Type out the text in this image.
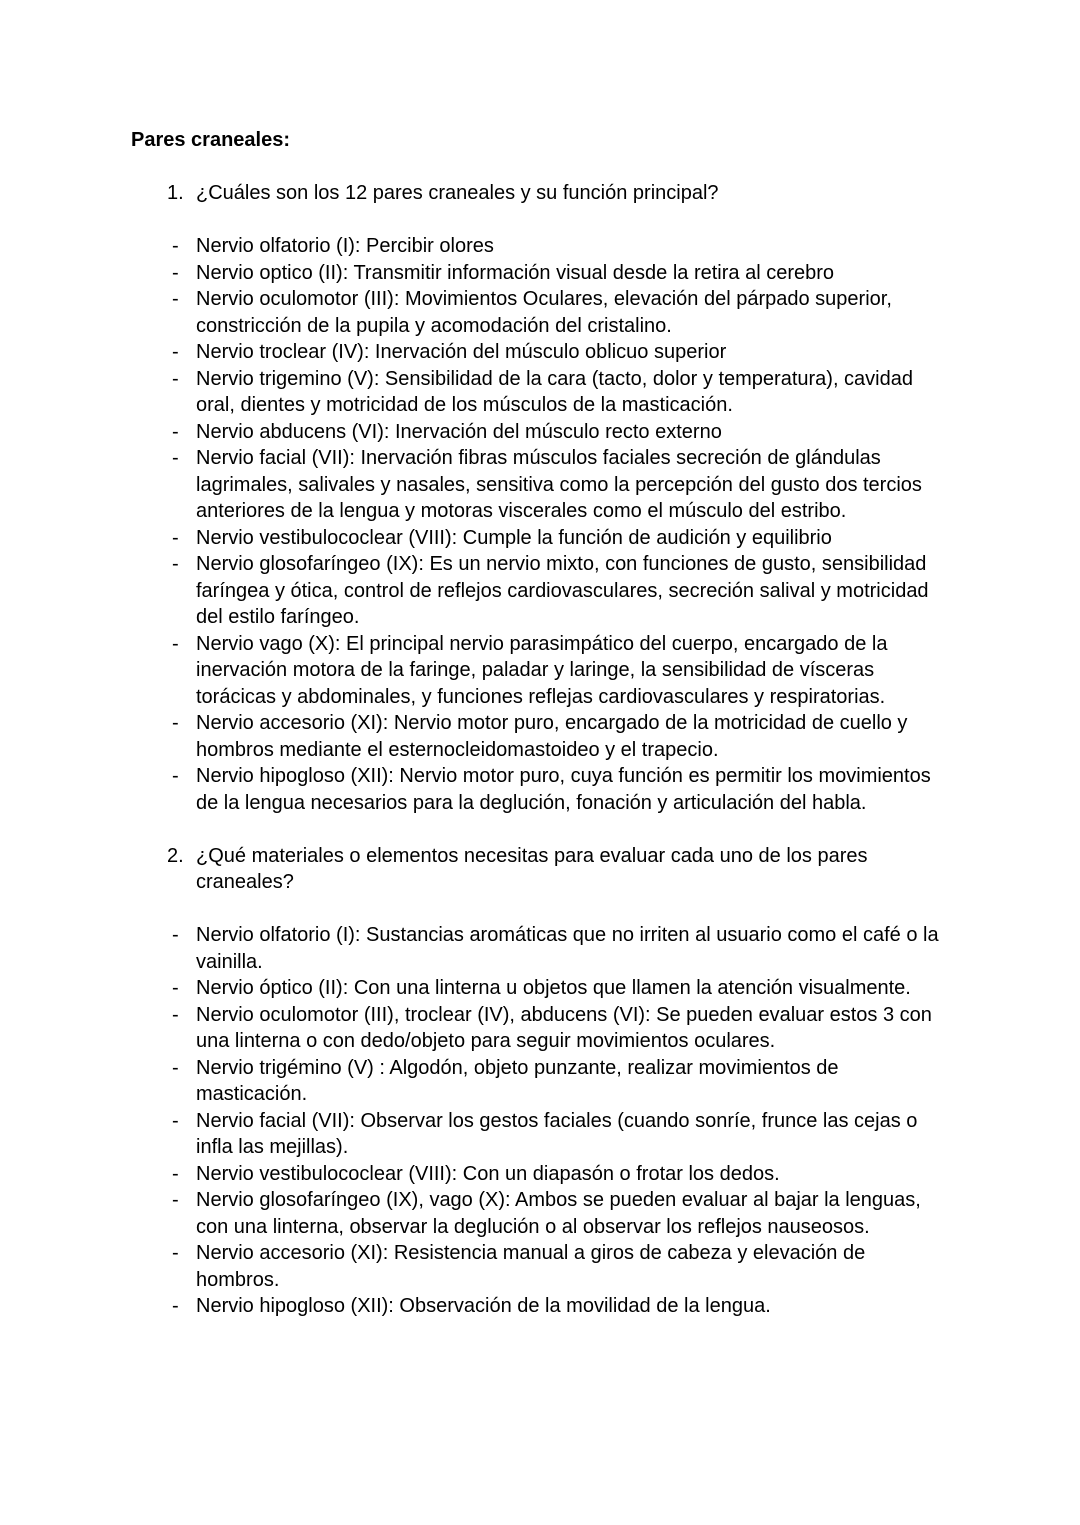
Pares craneales:
1. ¿Cuáles son los 12 pares craneales y su función principal?
- Nervio olfatorio (I): Percibir olores
- Nervio optico (II): Transmitir información visual desde la retira al cerebro
- Nervio oculomotor (III): Movimientos Oculares, elevación del párpado superior, constricción de la pupila y acomodación del cristalino.
- Nervio troclear (IV): Inervación del músculo oblicuo superior
- Nervio trigemino (V): Sensibilidad de la cara (tacto, dolor y temperatura), cavidad oral, dientes y motricidad de los músculos de la masticación.
- Nervio abducens (VI): Inervación del músculo recto externo
- Nervio facial (VII): Inervación fibras músculos faciales secreción de glándulas lagrimales, salivales y nasales, sensitiva como la percepción del gusto dos tercios anteriores de la lengua y motoras viscerales como el músculo del estribo.
- Nervio vestibulococlear (VIII): Cumple la función de audición y equilibrio
- Nervio glosofaríngeo (IX): Es un nervio mixto, con funciones de gusto, sensibilidad faríngea y ótica, control de reflejos cardiovasculares, secreción salival y motricidad del estilo faríngeo.
- Nervio vago (X): El principal nervio parasimpático del cuerpo, encargado de la inervación motora de la faringe, paladar y laringe, la sensibilidad de vísceras torácicas y abdominales, y funciones reflejas cardiovasculares y respiratorias.
- Nervio accesorio (XI): Nervio motor puro, encargado de la motricidad de cuello y hombros mediante el esternocleidomastoideo y el trapecio.
- Nervio hipogloso (XII): Nervio motor puro, cuya función es permitir los movimientos de la lengua necesarios para la deglución, fonación y articulación del habla.
2. ¿Qué materiales o elementos necesitas para evaluar cada uno de los pares craneales?
- Nervio olfatorio (I): Sustancias aromáticas que no irriten al usuario como el café o la vainilla.
- Nervio óptico (II): Con una linterna u objetos que llamen la atención visualmente.
- Nervio oculomotor (III), troclear (IV), abducens (VI): Se pueden evaluar estos 3 con una linterna o con dedo/objeto para seguir movimientos oculares.
- Nervio trigémino (V) : Algodón, objeto punzante, realizar movimientos de masticación.
- Nervio facial (VII): Observar los gestos faciales (cuando sonríe, frunce las cejas o infla las mejillas).
- Nervio vestibulococlear (VIII): Con un diapasón o frotar los dedos.
- Nervio glosofaríngeo (IX), vago (X): Ambos se pueden evaluar al bajar la lenguas, con una linterna, observar la deglución o al observar los reflejos nauseosos.
- Nervio accesorio (XI): Resistencia manual a giros de cabeza y elevación de hombros.
- Nervio hipogloso (XII): Observación de la movilidad de la lengua.
